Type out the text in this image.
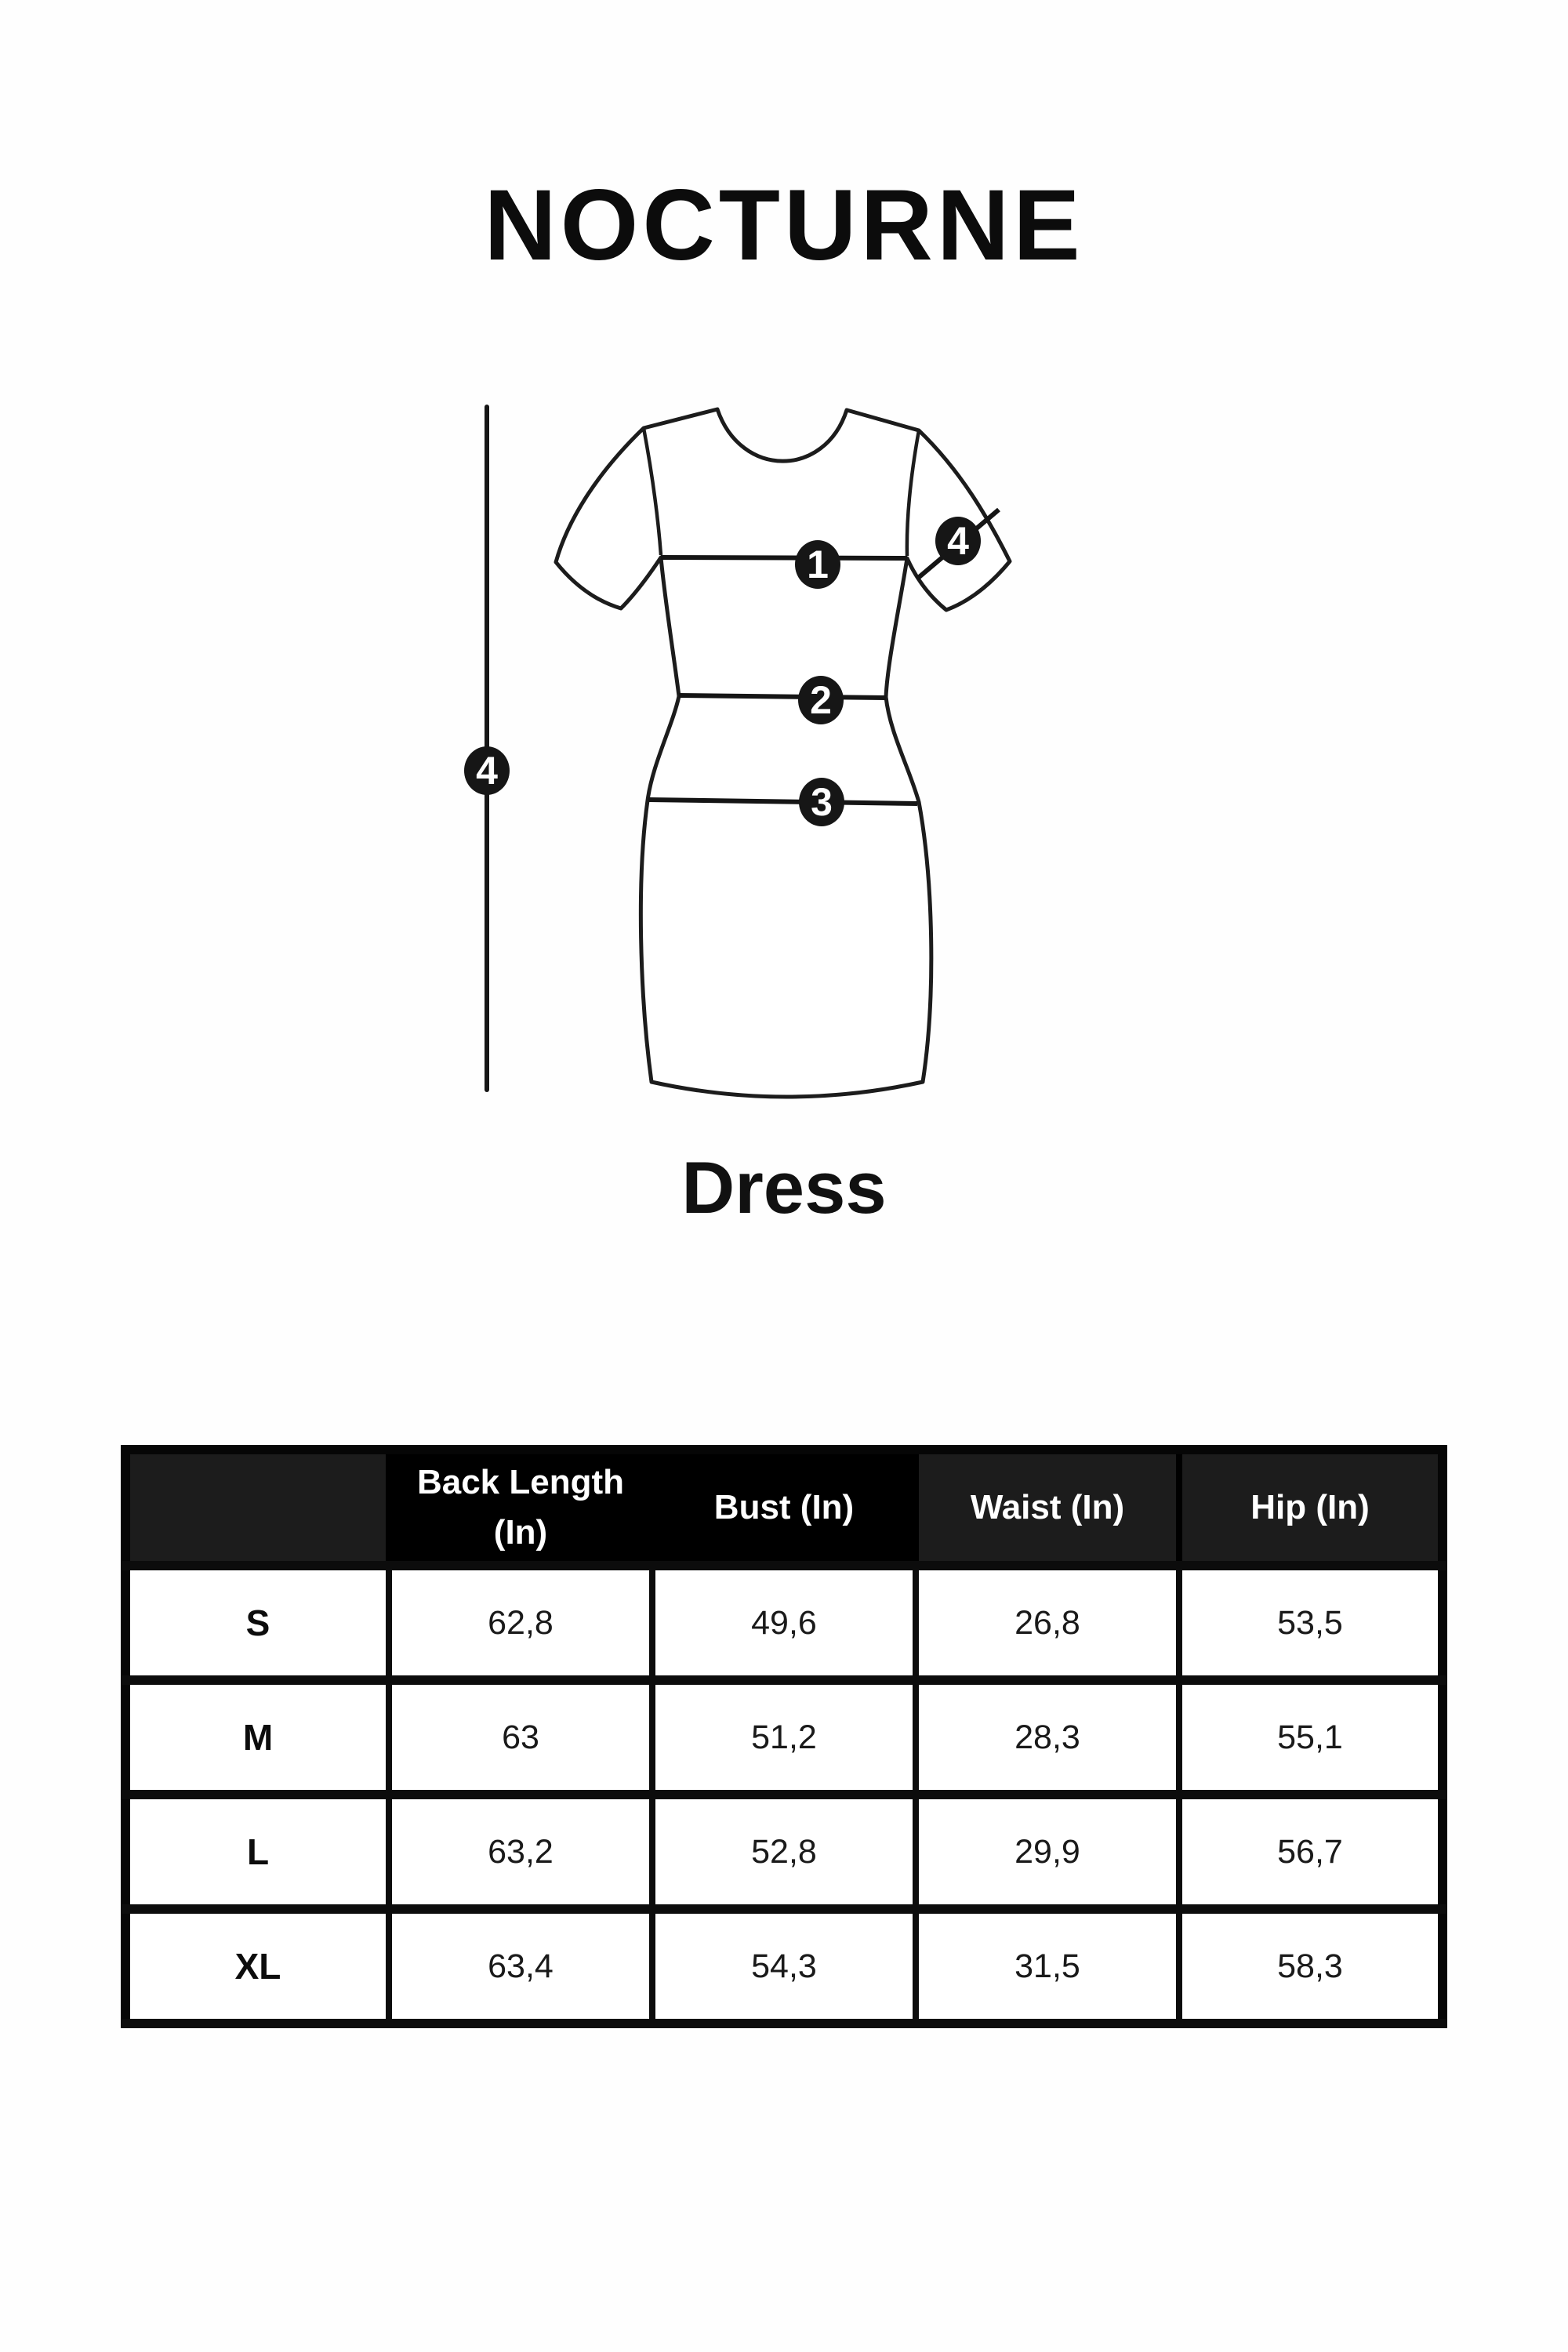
NOCTURNE
1
2
3
4
4
Dress
	Back Length (In)	Bust (In)	Waist (In)	Hip (In)
S	62,8	49,6	26,8	53,5
M	63	51,2	28,3	55,1
L	63,2	52,8	29,9	56,7
XL	63,4	54,3	31,5	58,3
